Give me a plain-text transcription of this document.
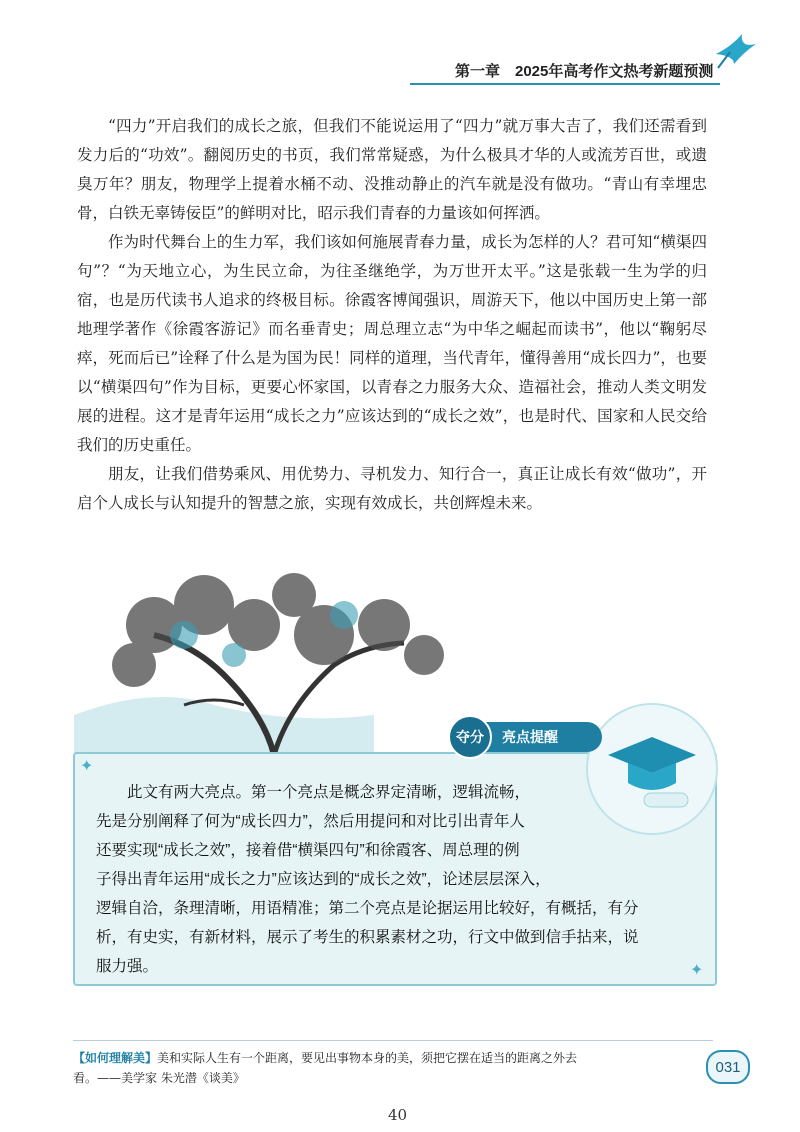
第一章　2025年高考作文热考新题预测

“四力”开启我们的成长之旅，但我们不能说运用了“四力”就万事大吉了，我们还需看到发力后的“功效”。翻阅历史的书页，我们常常疑惑，为什么极具才华的人或流芳百世，或遗臭万年？朋友，物理学上提着水桶不动、没推动静止的汽车就是没有做功。“青山有幸埋忠骨，白铁无辜铸佞臣”的鲜明对比，昭示我们青春的力量该如何挥洒。

作为时代舞台上的生力军，我们该如何施展青春力量，成长为怎样的人？君可知“横渠四句”？“为天地立心，为生民立命，为往圣继绝学，为万世开太平。”这是张载一生为学的归宿，也是历代读书人追求的终极目标。徐霞客博闻强识，周游天下，他以中国历史上第一部地理学著作《徐霞客游记》而名垂青史；周总理立志“为中华之崛起而读书”，他以“鞠躬尽瘁，死而后已”诠释了什么是为国为民！同样的道理，当代青年，懂得善用“成长四力”，也要以“横渠四句”作为目标，更要心怀家国，以青春之力服务大众、造福社会，推动人类文明发展的进程。这才是青年运用“成长之力”应该达到的“成长之效”，也是时代、国家和人民交给我们的历史重任。

朋友，让我们借势乘风、用优势力、寻机发力、知行合一，真正让成长有效“做功”，开启个人成长与认知提升的智慧之旅，实现有效成长，共创辉煌未来。

夺分	亮点提醒
✦
✦
　　此文有两大亮点。第一个亮点是概念界定清晰，逻辑流畅，
先是分别阐释了何为“成长四力”，然后用提问和对比引出青年人
还要实现“成长之效”，接着借“横渠四句”和徐霞客、周总理的例
子得出青年运用“成长之力”应该达到的“成长之效”，论述层层深入，
逻辑自洽，条理清晰，用语精准；第二个亮点是论据运用比较好，有概括，有分
析，有史实，有新材料，展示了考生的积累素材之功，行文中做到信手拈来，说
服力强。
【如何理解美】美和实际人生有一个距离，要见出事物本身的美，须把它摆在适当的距离之外去
看。——美学家 朱光潜《谈美》
031
40
